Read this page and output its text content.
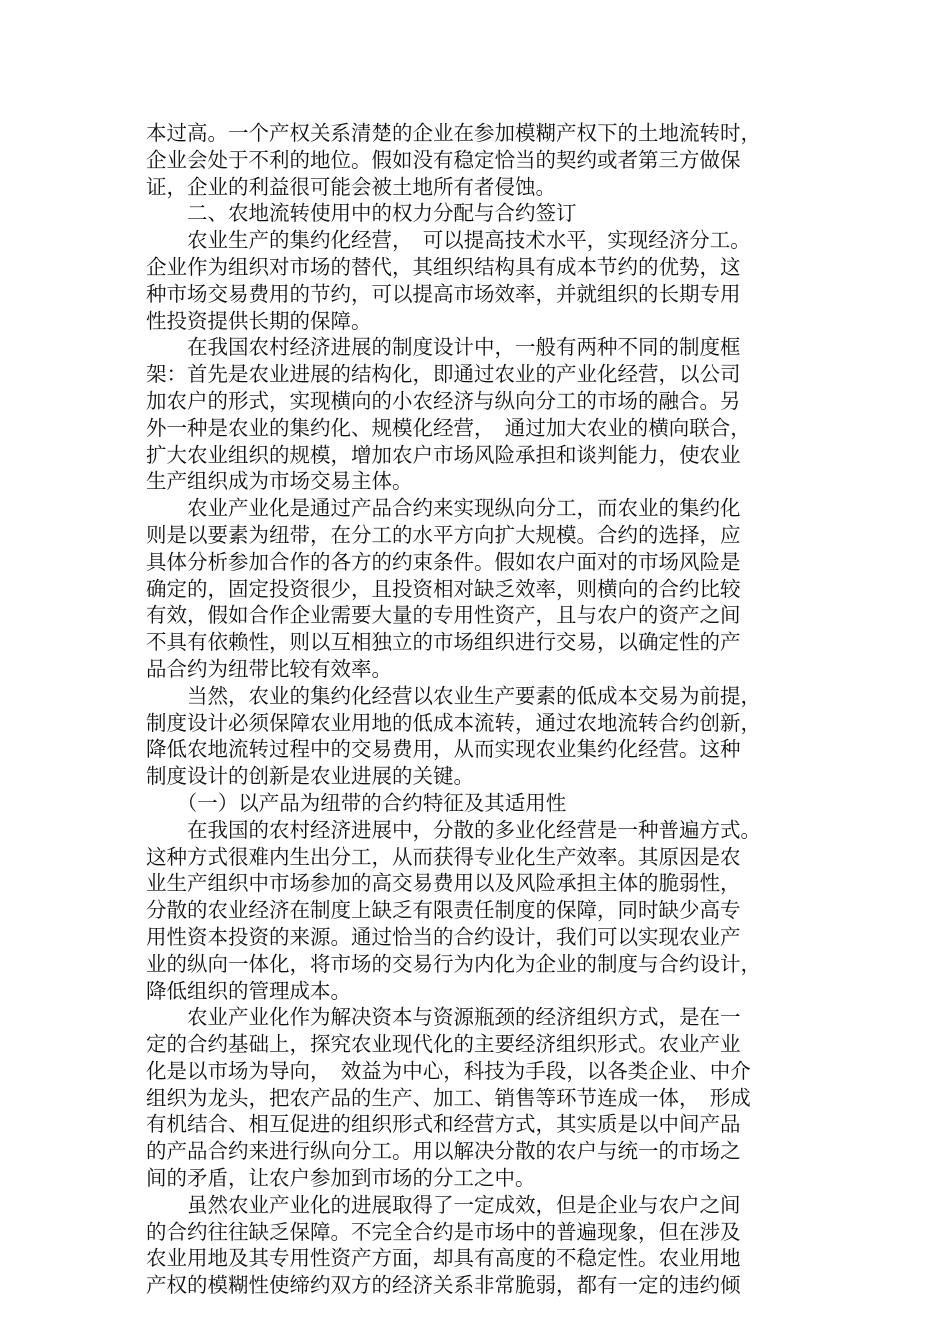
本过高。一个产权关系清楚的企业在参加模糊产权下的土地流转时，
企业会处于不利的地位。假如没有稳定恰当的契约或者第三方做保
证，企业的利益很可能会被土地所有者侵蚀。
　　二、农地流转使用中的权力分配与合约签订
　　农业生产的集约化经营，　可以提高技术水平，实现经济分工。
企业作为组织对市场的替代，其组织结构具有成本节约的优势，这
种市场交易费用的节约，可以提高市场效率，并就组织的长期专用
性投资提供长期的保障。
　　在我国农村经济进展的制度设计中，一般有两种不同的制度框
架：首先是农业进展的结构化，即通过农业的产业化经营，以公司
加农户的形式，实现横向的小农经济与纵向分工的市场的融合。另
外一种是农业的集约化、规模化经营，　通过加大农业的横向联合，
扩大农业组织的规模，增加农户市场风险承担和谈判能力，使农业
生产组织成为市场交易主体。
　　农业产业化是通过产品合约来实现纵向分工，而农业的集约化
则是以要素为纽带，在分工的水平方向扩大规模。合约的选择，应
具体分析参加合作的各方的约束条件。假如农户面对的市场风险是
确定的，固定投资很少，且投资相对缺乏效率，则横向的合约比较
有效，假如合作企业需要大量的专用性资产，且与农户的资产之间
不具有依赖性，则以互相独立的市场组织进行交易，以确定性的产
品合约为纽带比较有效率。
　　当然，农业的集约化经营以农业生产要素的低成本交易为前提，
制度设计必须保障农业用地的低成本流转，通过农地流转合约创新，
降低农地流转过程中的交易费用，从而实现农业集约化经营。这种
制度设计的创新是农业进展的关键。
　　（一）以产品为纽带的合约特征及其适用性
　　在我国的农村经济进展中，分散的多业化经营是一种普遍方式。
这种方式很难内生出分工，从而获得专业化生产效率。其原因是农
业生产组织中市场参加的高交易费用以及风险承担主体的脆弱性，
分散的农业经济在制度上缺乏有限责任制度的保障，同时缺少高专
用性资本投资的来源。通过恰当的合约设计，我们可以实现农业产
业的纵向一体化，将市场的交易行为内化为企业的制度与合约设计，
降低组织的管理成本。
　　农业产业化作为解决资本与资源瓶颈的经济组织方式，是在一
定的合约基础上，探究农业现代化的主要经济组织形式。农业产业
化是以市场为导向，　效益为中心，科技为手段，以各类企业、中介
组织为龙头，把农产品的生产、加工、销售等环节连成一体，　形成
有机结合、相互促进的组织形式和经营方式，其实质是以中间产品
的产品合约来进行纵向分工。用以解决分散的农户与统一的市场之
间的矛盾，让农户参加到市场的分工之中。
　　虽然农业产业化的进展取得了一定成效，但是企业与农户之间
的合约往往缺乏保障。不完全合约是市场中的普遍现象，但在涉及
农业用地及其专用性资产方面，却具有高度的不稳定性。农业用地
产权的模糊性使缔约双方的经济关系非常脆弱，都有一定的违约倾
